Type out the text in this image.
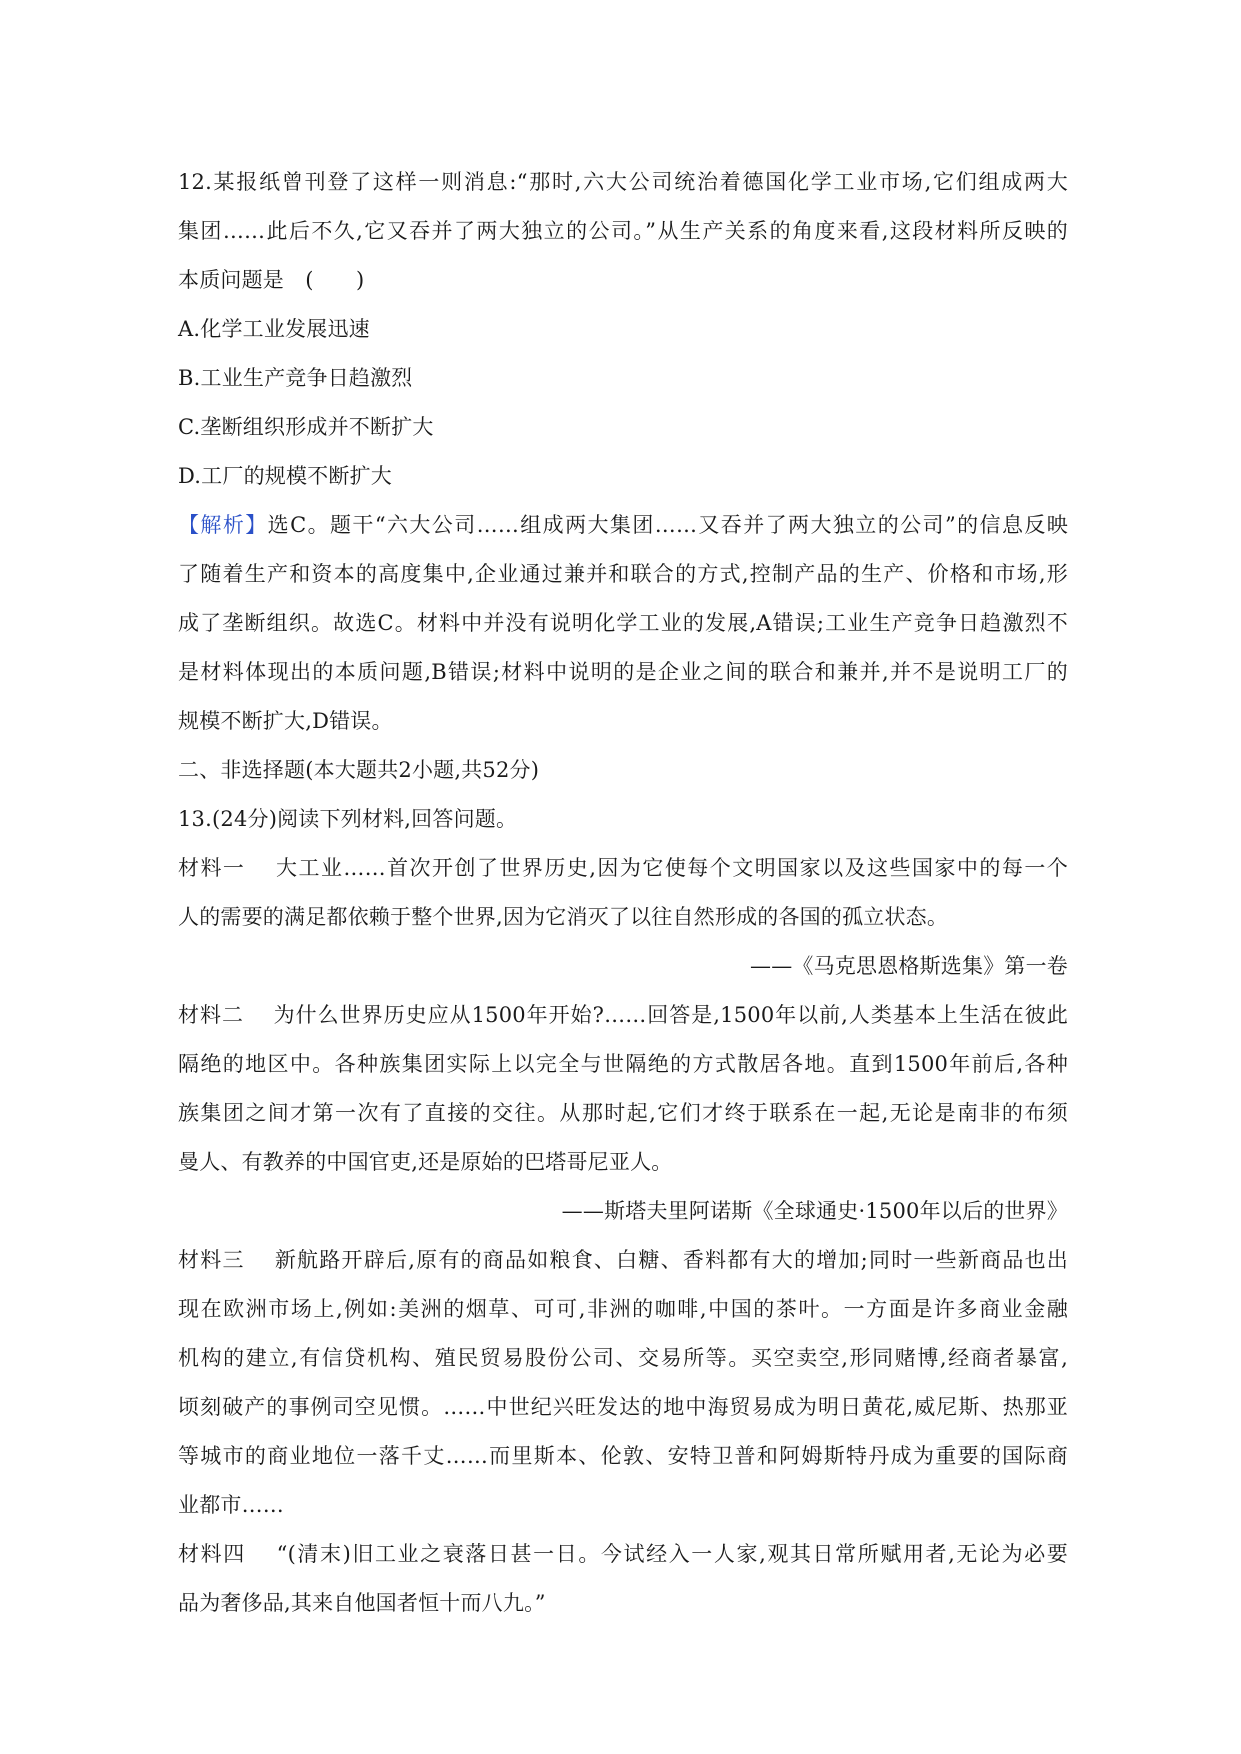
12.某报纸曾刊登了这样一则消息:“那时,六大公司统治着德国化学工业市场,它们组成两大

集团……此后不久,它又吞并了两大独立的公司。”从生产关系的角度来看,这段材料所反映的

本质问题是　(　　)

A.化学工业发展迅速

B.工业生产竞争日趋激烈

C.垄断组织形成并不断扩大

D.工厂的规模不断扩大

【解析】选C。题干“六大公司……组成两大集团……又吞并了两大独立的公司”的信息反映

了随着生产和资本的高度集中,企业通过兼并和联合的方式,控制产品的生产、价格和市场,形

成了垄断组织。故选C。材料中并没有说明化学工业的发展,A错误;工业生产竞争日趋激烈不

是材料体现出的本质问题,B错误;材料中说明的是企业之间的联合和兼并,并不是说明工厂的

规模不断扩大,D错误。

二、非选择题(本大题共2小题,共52分)

13.(24分)阅读下列材料,回答问题。

材料一　 大工业……首次开创了世界历史,因为它使每个文明国家以及这些国家中的每一个

人的需要的满足都依赖于整个世界,因为它消灭了以往自然形成的各国的孤立状态。

——《马克思恩格斯选集》第一卷

材料二　 为什么世界历史应从1500年开始?……回答是,1500年以前,人类基本上生活在彼此

隔绝的地区中。各种族集团实际上以完全与世隔绝的方式散居各地。直到1500年前后,各种

族集团之间才第一次有了直接的交往。从那时起,它们才终于联系在一起,无论是南非的布须

曼人、有教养的中国官吏,还是原始的巴塔哥尼亚人。

——斯塔夫里阿诺斯《全球通史·1500年以后的世界》

材料三　 新航路开辟后,原有的商品如粮食、白糖、香料都有大的增加;同时一些新商品也出

现在欧洲市场上,例如:美洲的烟草、可可,非洲的咖啡,中国的茶叶。一方面是许多商业金融

机构的建立,有信贷机构、殖民贸易股份公司、交易所等。买空卖空,形同赌博,经商者暴富,

顷刻破产的事例司空见惯。……中世纪兴旺发达的地中海贸易成为明日黄花,威尼斯、热那亚

等城市的商业地位一落千丈……而里斯本、伦敦、安特卫普和阿姆斯特丹成为重要的国际商

业都市……

材料四　 “(清末)旧工业之衰落日甚一日。今试经入一人家,观其日常所赋用者,无论为必要

品为奢侈品,其来自他国者恒十而八九。”
